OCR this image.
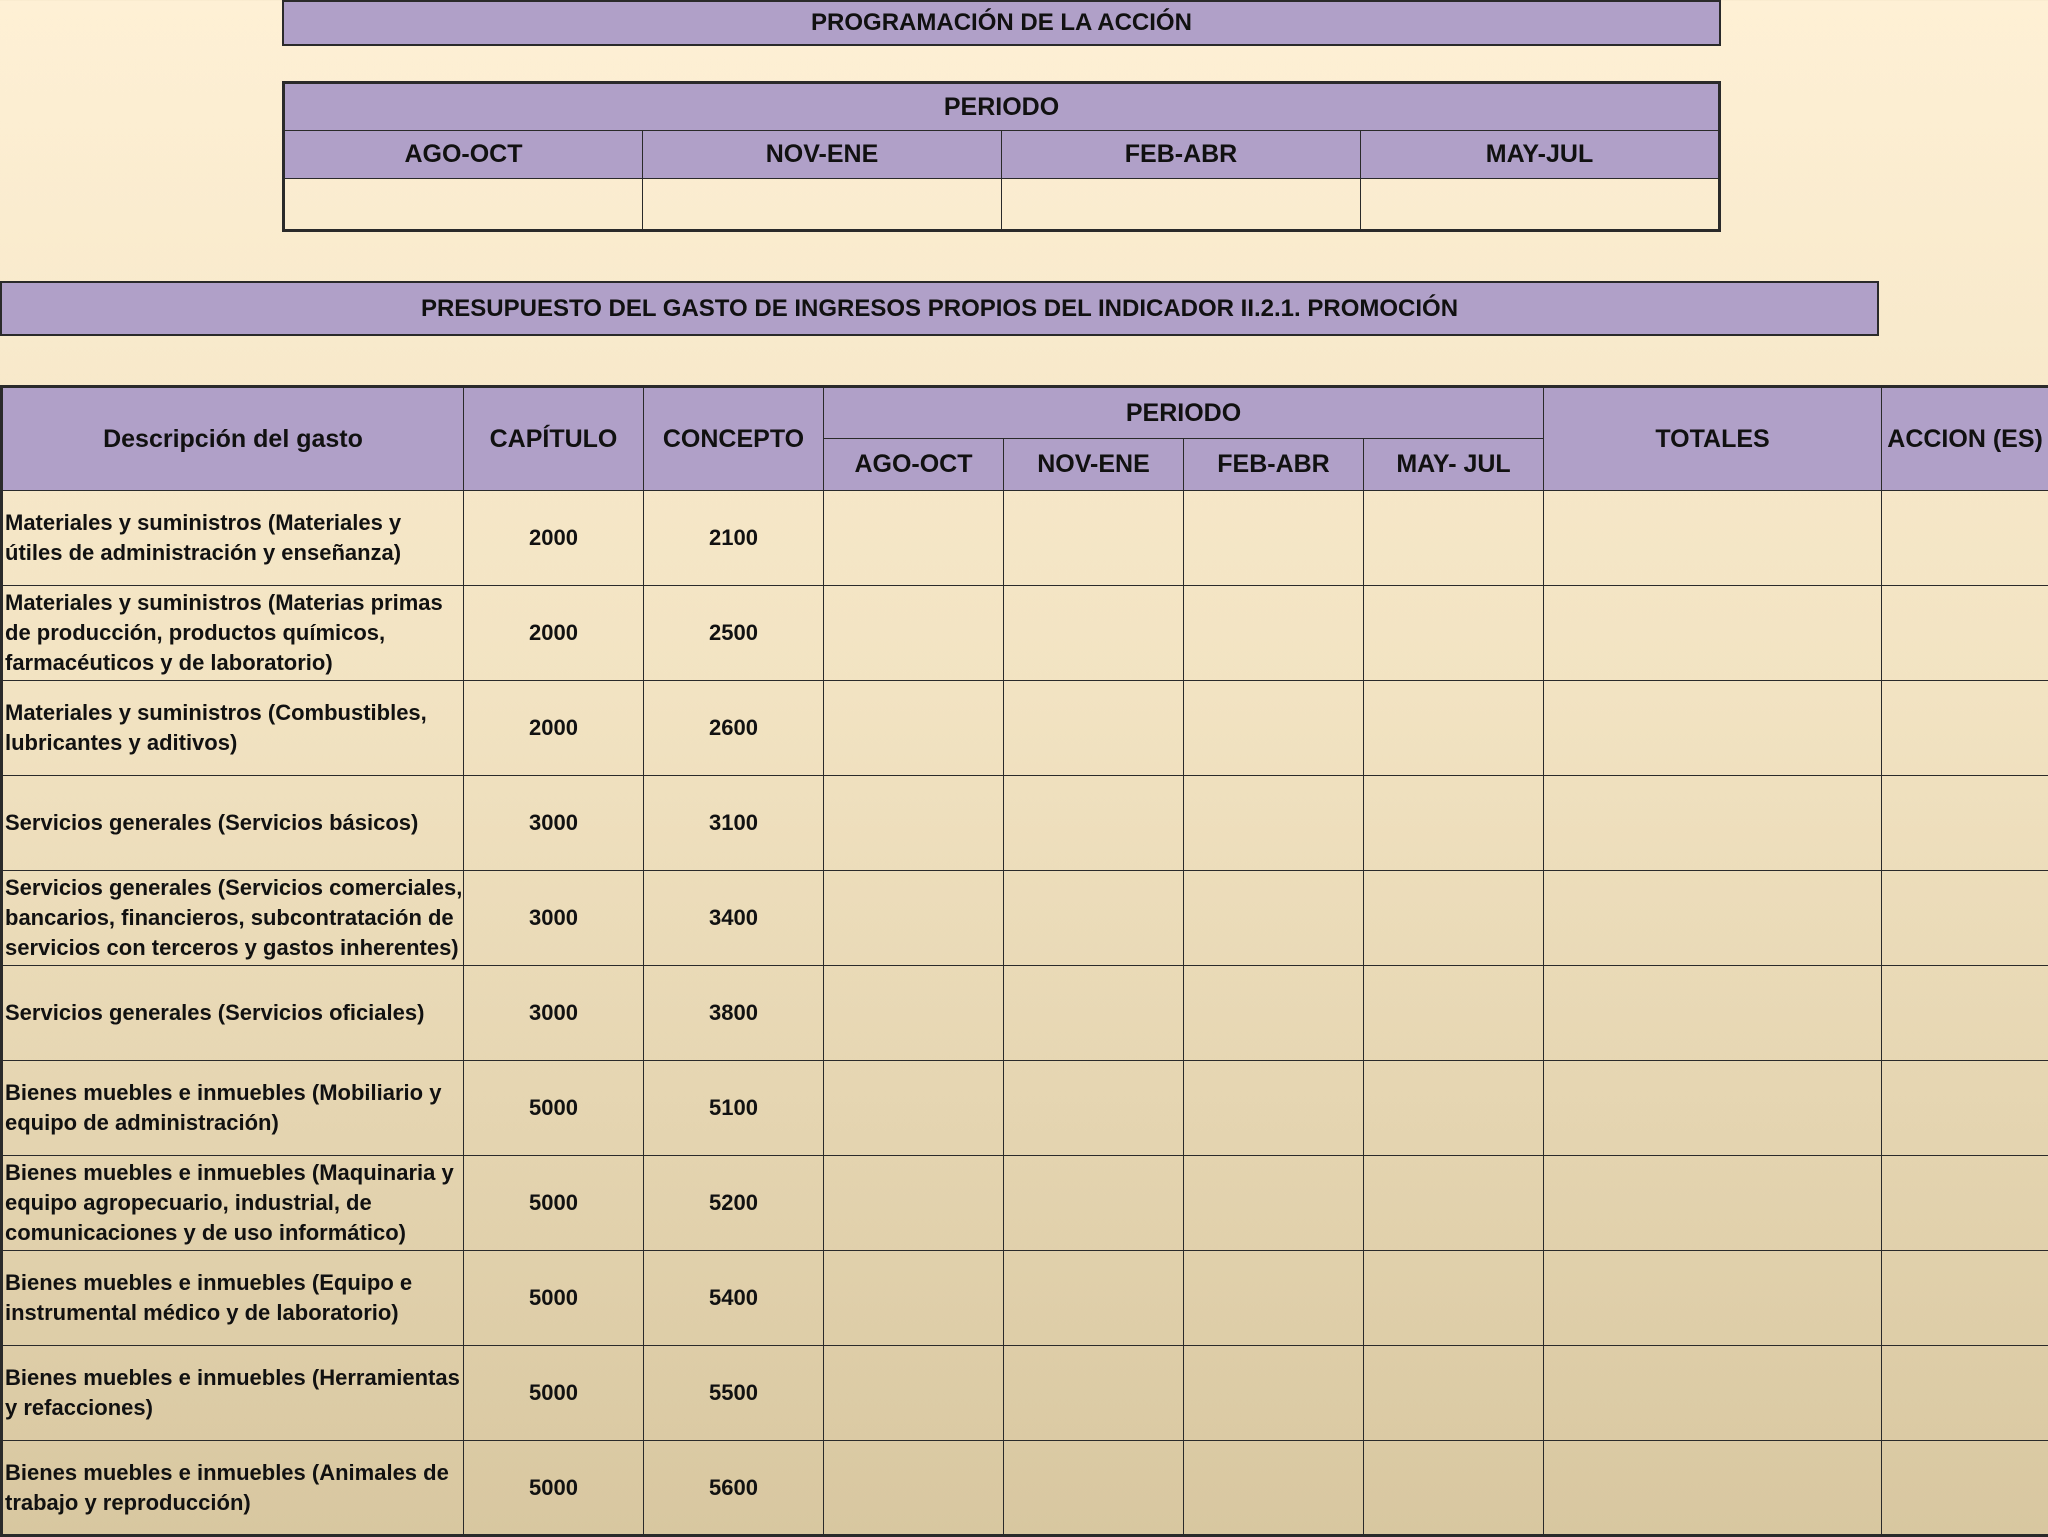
PROGRAMACIÓN DE LA ACCIÓN
PERIODO			
AGO-OCT	NOV-ENE	FEB-ABR	MAY-JUL

PRESUPUESTO DEL GASTO DE INGRESOS PROPIOS DEL INDICADOR II.2.1. PROMOCIÓN
Descripción del gasto	CAPÍTULO	CONCEPTO	PERIODO				TOTALES	ACCION (ES)
			AGO-OCT	NOV-ENE	FEB-ABR	MAY- JUL		
Materiales y suministros (Materiales y útiles de administración y enseñanza)	2000	2100						
Materiales y suministros (Materias primas de producción, productos químicos, farmacéuticos y de laboratorio)	2000	2500						
Materiales y suministros (Combustibles, lubricantes y aditivos)	2000	2600						
Servicios generales (Servicios básicos)	3000	3100						
Servicios generales (Servicios comerciales, bancarios, financieros, subcontratación de servicios con terceros y gastos inherentes)	3000	3400						
Servicios generales (Servicios oficiales)	3000	3800						
Bienes muebles e inmuebles (Mobiliario y equipo de administración)	5000	5100						
Bienes muebles e inmuebles (Maquinaria y equipo agropecuario, industrial, de comunicaciones y de uso informático)	5000	5200						
Bienes muebles e inmuebles (Equipo e instrumental médico y de laboratorio)	5000	5400						
Bienes muebles e inmuebles (Herramientas y refacciones)	5000	5500						
Bienes muebles e inmuebles (Animales de trabajo y reproducción)	5000	5600						
